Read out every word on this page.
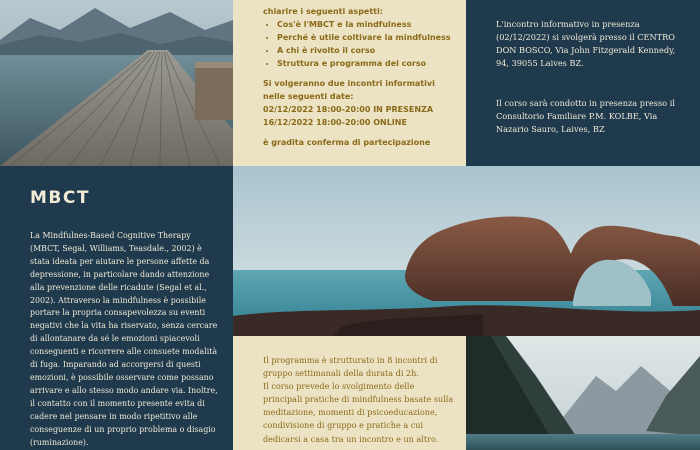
chiarire i seguenti aspetti:

• Cos'è l'MBCT e la mindfulness
• Perché è utile coltivare la mindfulness
• A chi è rivolto il corso
• Struttura e programma del corso

Si volgeranno due incontri informativi

nelle seguenti date:

02/12/2022 18:00-20:00 IN PRESENZA

16/12/2022 18:00-20:00 ONLINE

è gradita conferma di partecipazione

L'incontro informativo in presenza (02/12/2022) si svolgerà presso il CENTRO DON BOSCO, Via John Fitzgerald Kennedy, 94, 39055 Laives BZ.

Il corso sarà condotto in presenza presso il Consultorio Familiare P.M. KOLBE, Via Nazario Sauro, Laives, BZ

MBCT

La Mindfulnes-Based Cognitive Therapy (MBCT, Segal, Williams, Teasdale., 2002) è stata ideata per aiutare le persone affette da depressione, in particolare dando attenzione alla prevenzione delle ricadute (Segal et al., 2002). Attraverso la mindfulness è possibile portare la propria consapevolezza su eventi negativi che la vita ha riservato, senza cercare di allontanare da sé le emozioni spiacevoli conseguenti e ricorrere alle consuete modalità di fuga. Imparando ad accorgersi di questi emozioni, è possibile osservare come possano arrivare e allo stesso modo andare via. Inoltre, il contatto con il momento presente evita di cadere nel pensare in modo ripetitivo alle conseguenze di un proprio problema o disagio (ruminazione).

Il programma è strutturato in 8 incontri di gruppo settimanali della durata di 2h.

Il corso prevede lo svolgimento delle principali pratiche di mindfulness basate sulla meditazione, momenti di psicoeducazione, condivisione di gruppo e pratiche a cui dedicarsi a casa tra un incontro e un altro.
